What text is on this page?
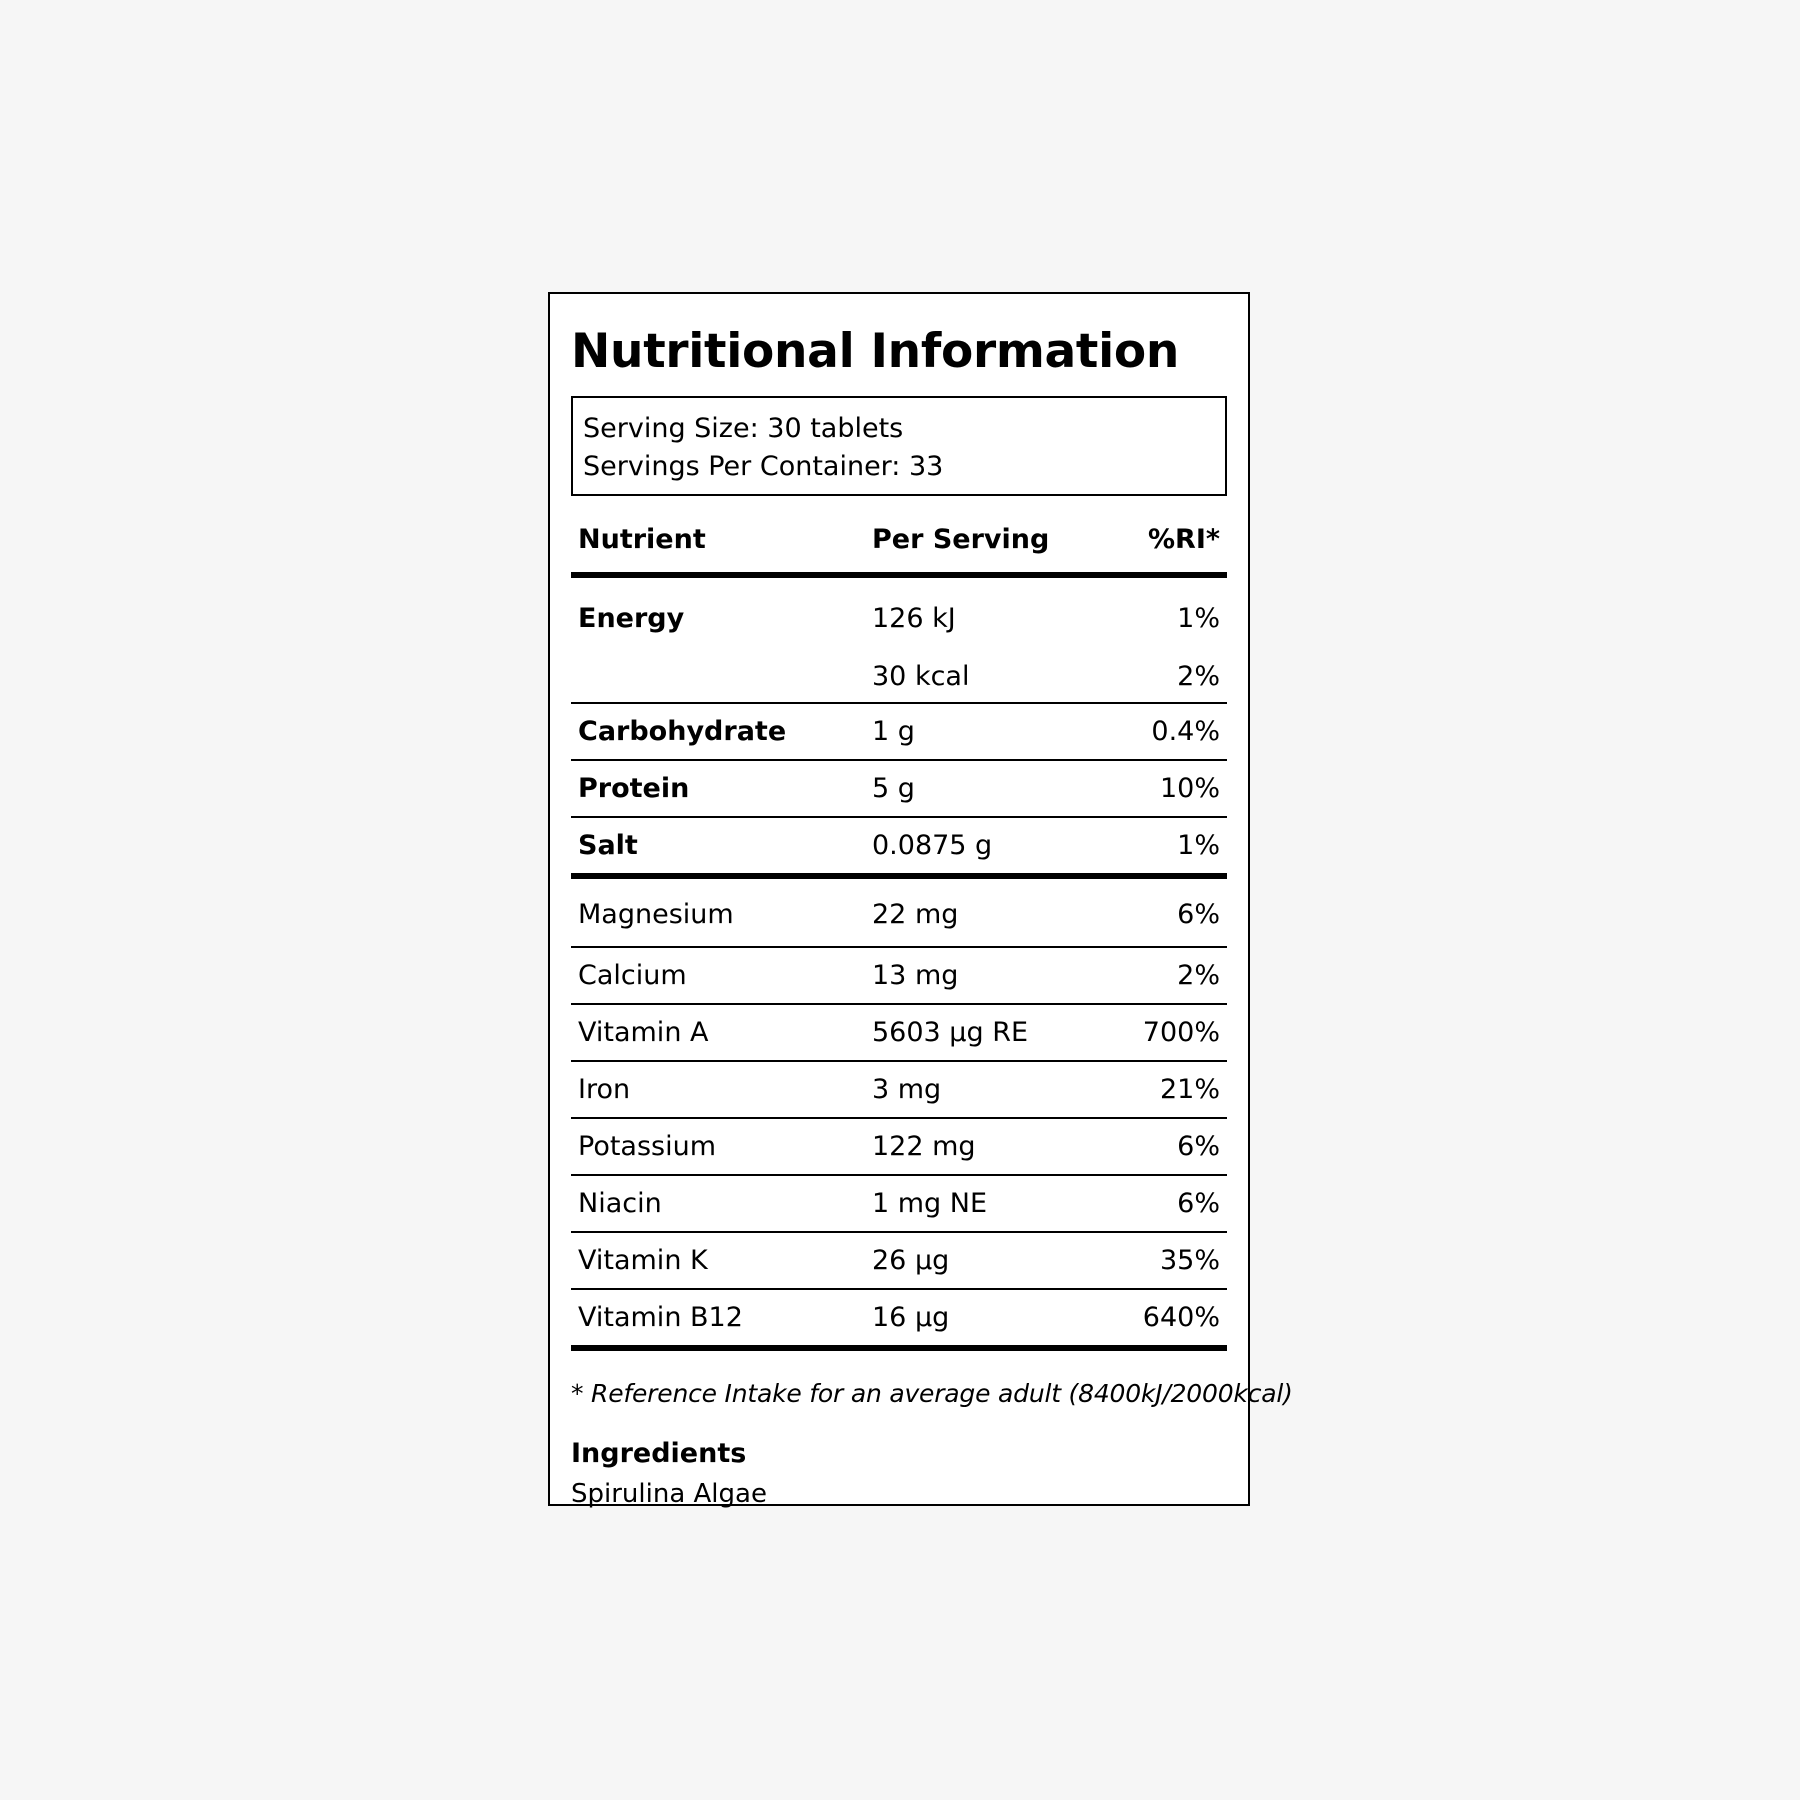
Nutritional Information
Serving Size: 30 tablets
Servings Per Container: 33
Nutrient	Per Serving	%RI*
Energy	126 kJ	1%
	30 kcal	2%
Carbohydrate	1 g	0.4%
Protein	5 g	10%
Salt	0.0875 g	1%
Magnesium	22 mg	6%
Calcium	13 mg	2%
Vitamin A	5603 µg RE	700%
Iron	3 mg	21%
Potassium	122 mg	6%
Niacin	1 mg NE	6%
Vitamin K	26 µg	35%
Vitamin B12	16 µg	640%
* Reference Intake for an average adult (8400kJ/2000kcal)
Ingredients
Spirulina Algae
